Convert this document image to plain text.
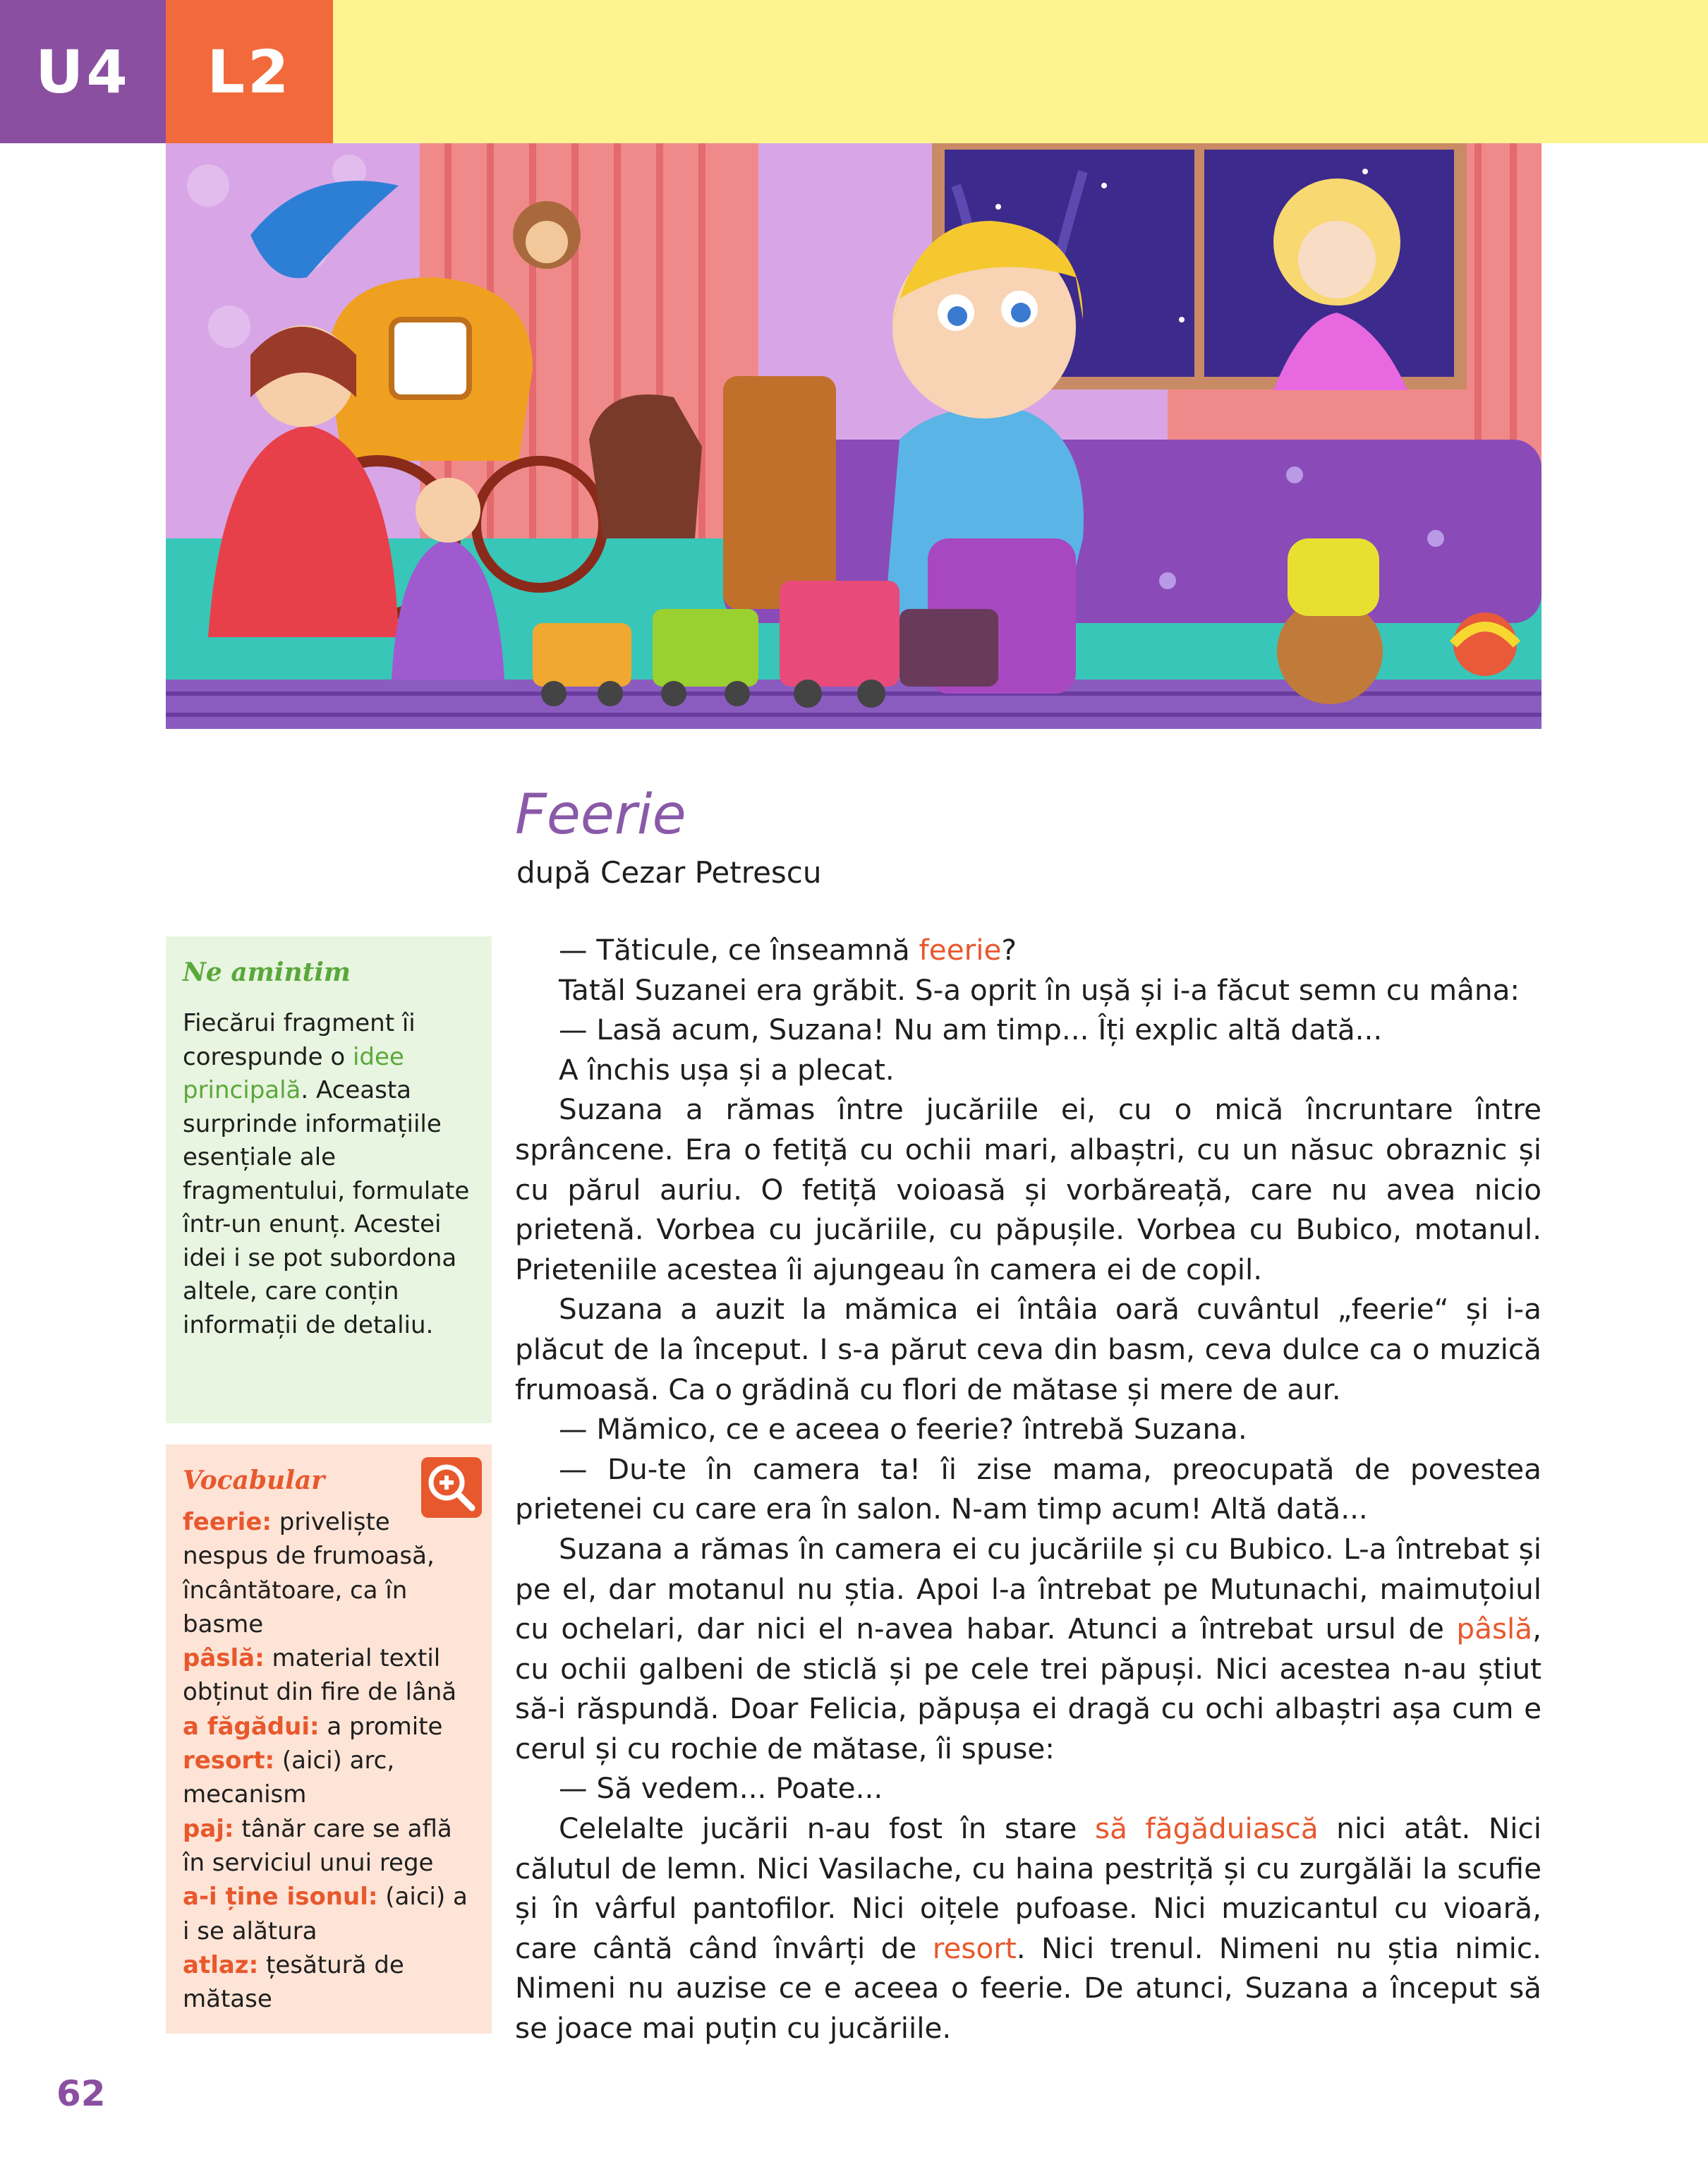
U4 L2
Feerie
după Cezar Petrescu

— Tăticule, ce înseamnă feerie?

Tatăl Suzanei era grăbit. S-a oprit în ușă și i-a făcut semn cu mâna:

— Lasă acum, Suzana! Nu am timp... Îți explic altă dată...

A închis ușa și a plecat.

Suzana a rămas între jucăriile ei, cu o mică încruntare între sprâncene. Era o fetiță cu ochii mari, albaștri, cu un năsuc obraznic și cu părul auriu. O fetiță voioasă și vorbăreață, care nu avea nicio prietenă. Vorbea cu jucăriile, cu păpușile. Vorbea cu Bubico, motanul. Prieteniile acestea îi ajungeau în camera ei de copil.

Suzana a auzit la mămica ei întâia oară cuvântul „feerie“ și i-a plăcut de la început. I s-a părut ceva din basm, ceva dulce ca o muzică frumoasă. Ca o grădină cu flori de mătase și mere de aur.

— Mămico, ce e aceea o feerie? întrebă Suzana.

— Du-te în camera ta! îi zise mama, preocupată de povestea prietenei cu care era în salon. N-am timp acum! Altă dată...

Suzana a rămas în camera ei cu jucăriile și cu Bubico. L-a întrebat și pe el, dar motanul nu știa. Apoi l-a întrebat pe Mutunachi, maimuțoiul cu ochelari, dar nici el n-avea habar. Atunci a întrebat ursul de pâslă, cu ochii galbeni de sticlă și pe cele trei păpuși. Nici acestea n-au știut să-i răspundă. Doar Felicia, păpușa ei dragă cu ochi albaștri așa cum e cerul și cu rochie de mătase, îi spuse:

— Să vedem... Poate...

Celelalte jucării n-au fost în stare să făgăduiască nici atât. Nici călutul de lemn. Nici Vasilache, cu haina pestriță și cu zurgălăi la scufie și în vârful pantofilor. Nici oițele pufoase. Nici muzicantul cu vioară, care cântă când învârți de resort. Nici trenul. Nimeni nu știa nimic. Nimeni nu auzise ce e aceea o feerie. De atunci, Suzana a început să se joace mai puțin cu jucăriile.

Ne amintim
Fiecărui fragment îi corespunde o idee principală. Aceasta surprinde informațiile esențiale ale fragmentului, formulate într-un enunț. Acestei idei i se pot subordona altele, care conțin informații de detaliu.
Vocabular
feerie: priveliște nespus de frumoasă, încântătoare, ca în basme
pâslă: material textil obținut din fire de lână
a făgădui: a promite
resort: (aici) arc, mecanism
paj: tânăr care se află în serviciul unui rege
a-i ține isonul: (aici) a i se alătura
atlaz: țesătură de mătase
62
